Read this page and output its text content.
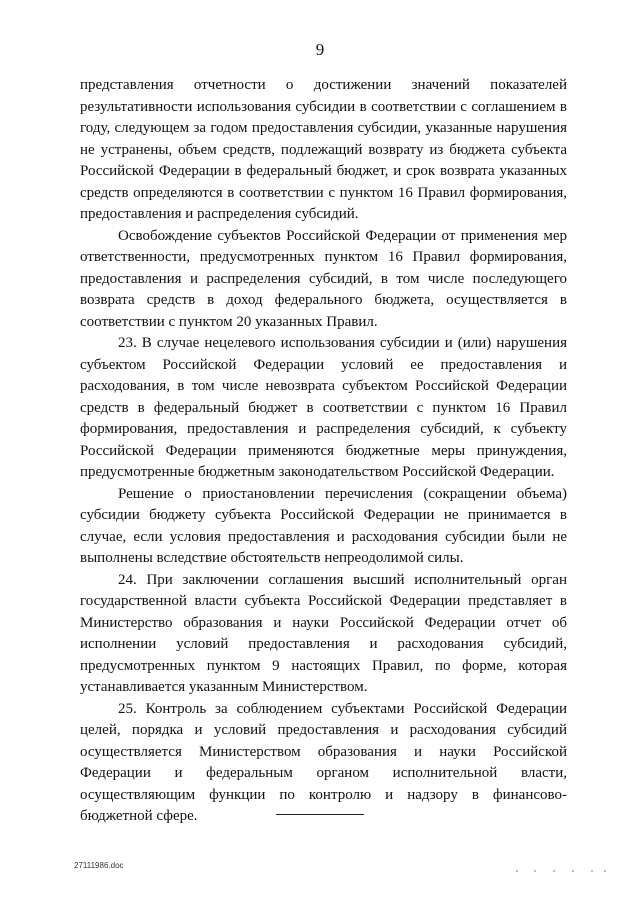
9

представления отчетности о достижении значений показателей результативности использования субсидии в соответствии с соглашением в году, следующем за годом предоставления субсидии, указанные нарушения не устранены, объем средств, подлежащий возврату из бюджета субъекта Российской Федерации в федеральный бюджет, и срок возврата указанных средств определяются в соответствии с пунктом 16 Правил формирования, предоставления и распределения субсидий.

Освобождение субъектов Российской Федерации от применения мер ответственности, предусмотренных пунктом 16 Правил формирования, предоставления и распределения субсидий, в том числе последующего возврата средств в доход федерального бюджета, осуществляется в соответствии с пунктом 20 указанных Правил.

23. В случае нецелевого использования субсидии и (или) нарушения субъектом Российской Федерации условий ее предоставления и расходования, в том числе невозврата субъектом Российской Федерации средств в федеральный бюджет в соответствии с пунктом 16 Правил формирования, предоставления и распределения субсидий, к субъекту Российской Федерации применяются бюджетные меры принуждения, предусмотренные бюджетным законодательством Российской Федерации.

Решение о приостановлении перечисления (сокращении объема) субсидии бюджету субъекта Российской Федерации не принимается в случае, если условия предоставления и расходования субсидии были не выполнены вследствие обстоятельств непреодолимой силы.

24. При заключении соглашения высший исполнительный орган государственной власти субъекта Российской Федерации представляет в Министерство образования и науки Российской Федерации отчет об исполнении условий предоставления и расходования субсидий, предусмотренных пунктом 9 настоящих Правил, по форме, которая устанавливается указанным Министерством.

25. Контроль за соблюдением субъектами Российской Федерации целей, порядка и условий предоставления и расходования субсидий осуществляется Министерством образования и науки Российской Федерации и федеральным органом исполнительной власти, осуществляющим функции по контролю и надзору в финансово-бюджетной сфере.

27111986.doc
